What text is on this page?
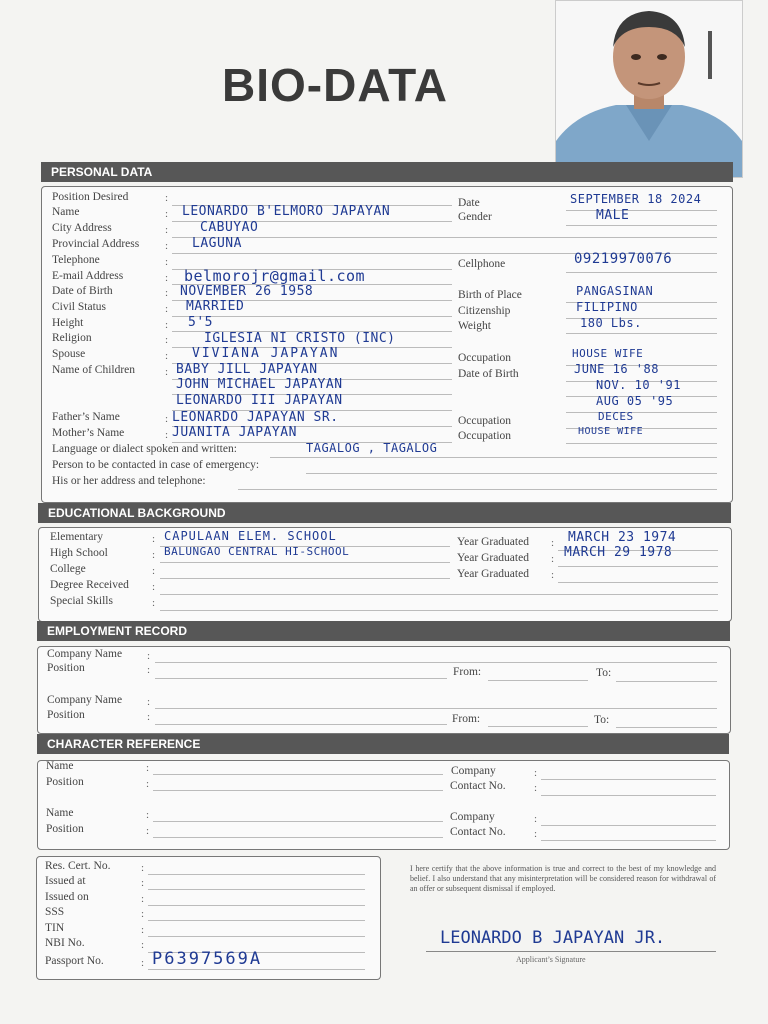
BIO-DATA
PERSONAL DATA
Position Desired
Name
City Address
Provincial Address
Telephone
E-mail Address
Date of Birth
Civil Status
Height
Religion
Spouse
Name of Children
Father’s Name
Mother’s Name
Language or dialect spoken and written:
Person to be contacted in case of emergency:
His or her address and telephone:
Date
Gender
Cellphone
Birth of Place
Citizenship
Weight
Occupation
Date of Birth
Occupation
Occupation
:
:
:
:
:
:
:
:
:
:
:
:
:
:
LEONARDO B'ELMORO JAPAYAN
CABUYAO
LAGUNA
belmorojr@gmail.com
NOVEMBER 26 1958
MARRIED
5'5
IGLESIA NI CRISTO (INC)
VIVIANA JAPAYAN
BABY JILL JAPAYAN
JOHN MICHAEL JAPAYAN
LEONARDO III JAPAYAN
LEONARDO JAPAYAN SR.
JUANITA JAPAYAN
TAGALOG , TAGALOG
SEPTEMBER 18 2024
MALE
09219970076
PANGASINAN
FILIPINO
180 Lbs.
HOUSE WIFE
JUNE 16 '88
NOV. 10 '91
AUG 05 '95
DECES
HOUSE WIFE
EDUCATIONAL BACKGROUND
Elementary
High School
College
Degree Received
Special Skills
Year Graduated
Year Graduated
Year Graduated
:
:
:
:
:
:
:
:
CAPULAAN ELEM. SCHOOL
BALUNGAO CENTRAL HI-SCHOOL
MARCH 23 1974
MARCH 29 1978
EMPLOYMENT RECORD
Company Name
Position
Company Name
Position
From:	To:
From:	To:
:
:
:
:
CHARACTER REFERENCE
Name
Position
Name
Position
Company
Contact No.
Company
Contact No.
:
:
:
:
:
:
:
:
Res. Cert. No.
Issued at
Issued on
SSS
TIN
NBI No.
Passport No.
:
:
:
:
:
:
: P6397569A
I here certify that the above information is true and correct to the best of my knowledge and belief. I also understand that any misinterpretation will be considered reason for withdrawal of an offer or subsequent dismissal if employed.
LEONARDO B JAPAYAN JR.
Applicant’s Signature
